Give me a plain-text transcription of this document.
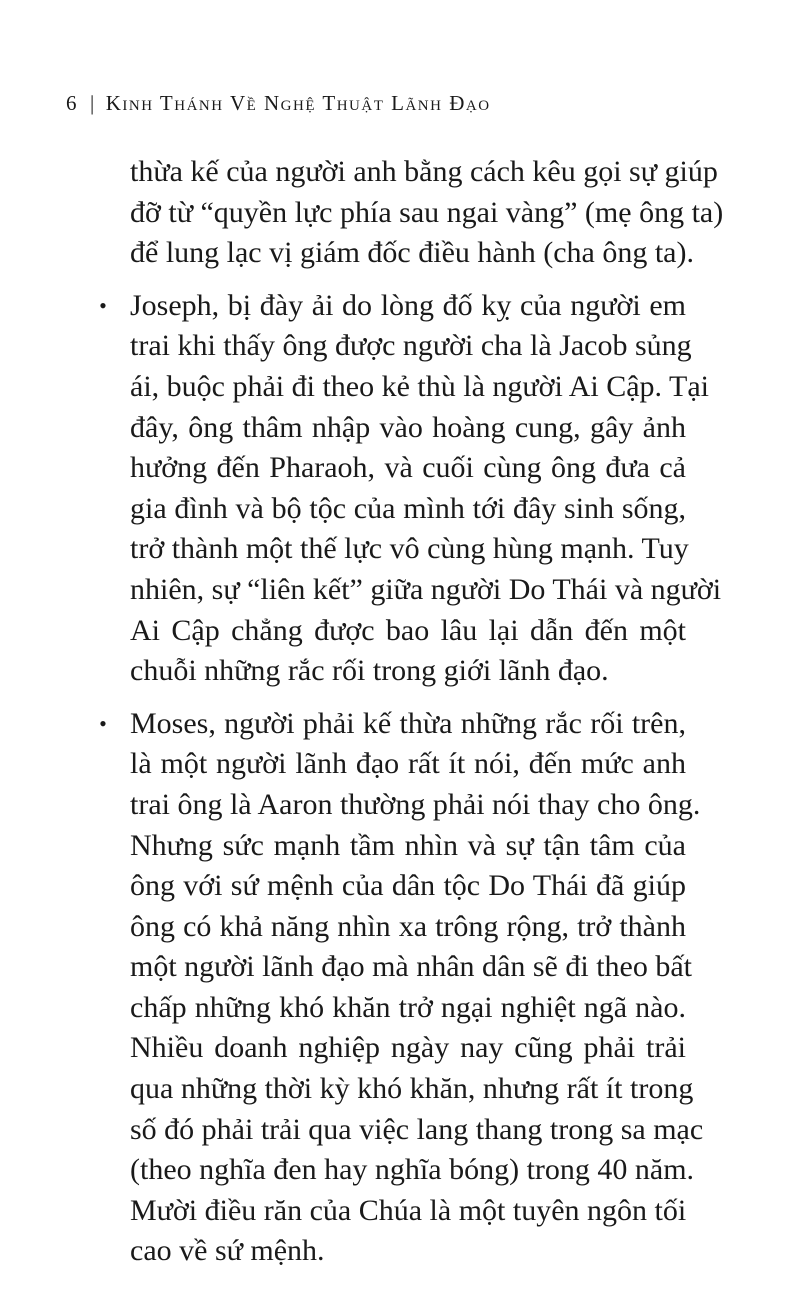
6 | Kinh Thánh Về Nghệ Thuật Lãnh Đạo
thừa kế của người anh bằng cách kêu gọi sự giúp
đỡ từ “quyền lực phía sau ngai vàng” (mẹ ông ta)
để lung lạc vị giám đốc điều hành (cha ông ta).
• Joseph, bị đày ải do lòng đố kỵ của người em
trai khi thấy ông được người cha là Jacob sủng
ái, buộc phải đi theo kẻ thù là người Ai Cập. Tại
đây, ông thâm nhập vào hoàng cung, gây ảnh
hưởng đến Pharaoh, và cuối cùng ông đưa cả
gia đình và bộ tộc của mình tới đây sinh sống,
trở thành một thế lực vô cùng hùng mạnh. Tuy
nhiên, sự “liên kết” giữa người Do Thái và người
Ai Cập chẳng được bao lâu lại dẫn đến một
chuỗi những rắc rối trong giới lãnh đạo.
• Moses, người phải kế thừa những rắc rối trên,
là một người lãnh đạo rất ít nói, đến mức anh
trai ông là Aaron thường phải nói thay cho ông.
Nhưng sức mạnh tầm nhìn và sự tận tâm của
ông với sứ mệnh của dân tộc Do Thái đã giúp
ông có khả năng nhìn xa trông rộng, trở thành
một người lãnh đạo mà nhân dân sẽ đi theo bất
chấp những khó khăn trở ngại nghiệt ngã nào.
Nhiều doanh nghiệp ngày nay cũng phải trải
qua những thời kỳ khó khăn, nhưng rất ít trong
số đó phải trải qua việc lang thang trong sa mạc
(theo nghĩa đen hay nghĩa bóng) trong 40 năm.
Mười điều răn của Chúa là một tuyên ngôn tối
cao về sứ mệnh.
